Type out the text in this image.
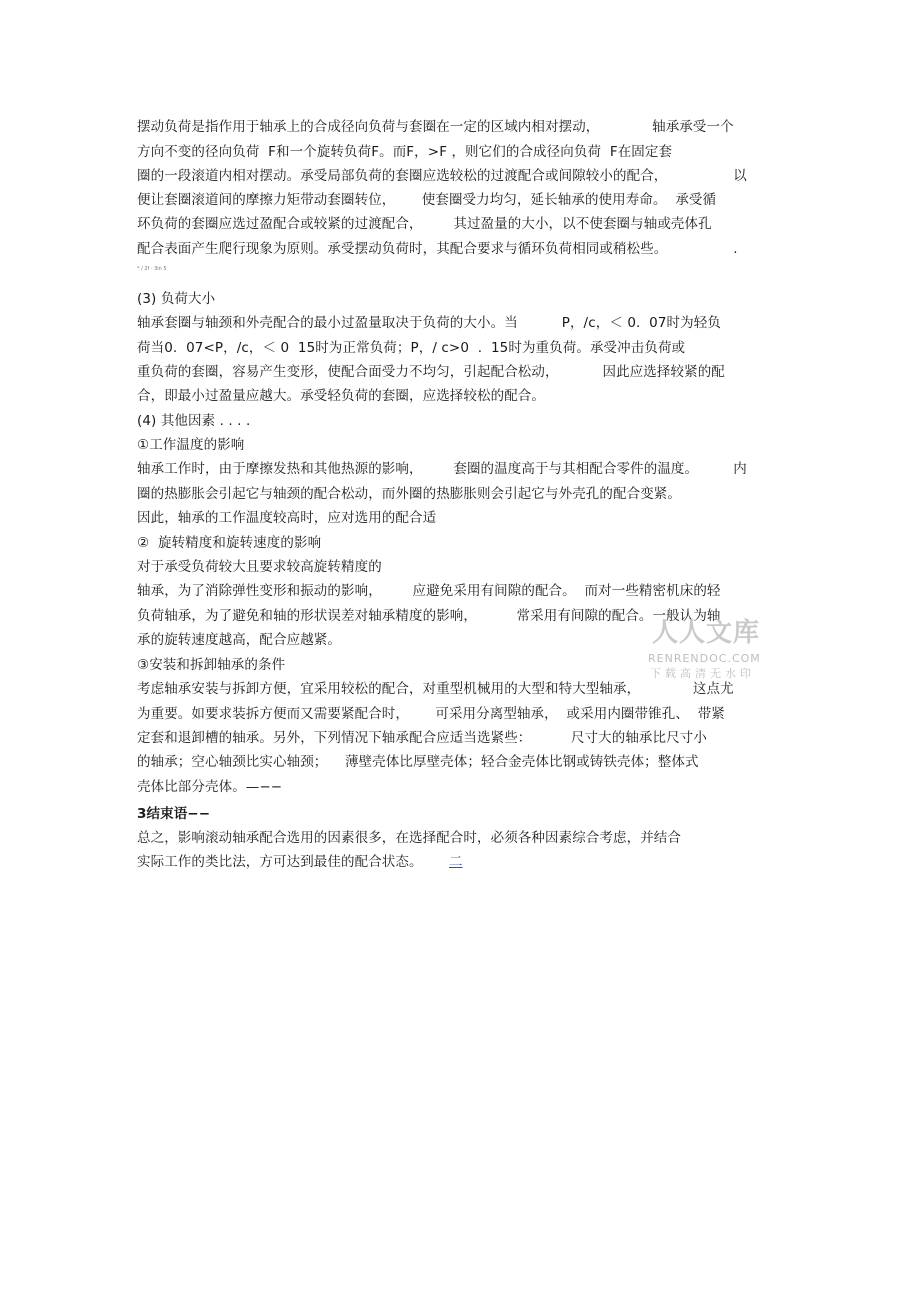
摆动负荷是指作用于轴承上的合成径向负荷与套圈在一定的区域内相对摆动，            轴承承受一个
方向不变的径向负荷  F和一个旋转负荷F。而F，>F ，则它们的合成径向负荷  F在固定套
圈的一段滚道内相对摆动。承受局部负荷的套圈应选较松的过渡配合或间隙较小的配合，               以
便让套圈滚道间的摩擦力矩带动套圈转位，      使套圈受力均匀，延长轴承的使用寿命。  承受循
环负荷的套圈应选过盈配合或较紧的过渡配合，       其过盈量的大小，以不使套圈与轴或壳体孔
配合表面产生爬行现象为原则。承受摆动负荷时，其配合要求与循环负荷相同或稍松些。               .
* / 2f · 3in 5
(3) 负荷大小
轴承套圈与轴颈和外壳配合的最小过盈量取决于负荷的大小。当          P，/c，＜ 0.  07时为轻负
荷当0.  07<P，/c，＜ 0  15时为正常负荷；P，/ c>0  .  15时为重负荷。承受冲击负荷或
重负荷的套圈，容易产生变形，使配合面受力不均匀，引起配合松动，          因此应选择较紧的配
合，即最小过盈量应越大。承受轻负荷的套圈，应选择较松的配合。
(4) 其他因素 . . . .
①工作温度的影响
轴承工作时，由于摩擦发热和其他热源的影响，       套圈的温度高于与其相配合零件的温度。        内
圈的热膨胀会引起它与轴颈的配合松动，而外圈的热膨胀则会引起它与外壳孔的配合变紧。
因此，轴承的工作温度较高时，应对选用的配合适
②  旋转精度和旋转速度的影响
对于承受负荷较大且要求较高旋转精度的
轴承，为了消除弹性变形和振动的影响，       应避免采用有间隙的配合。  而对一些精密机床的轻
负荷轴承，为了避免和轴的形状误差对轴承精度的影响，         常采用有间隙的配合。一般认为轴
承的旋转速度越高，配合应越紧。
③安装和拆卸轴承的条件
考虑轴承安装与拆卸方便，宜采用较松的配合，对重型机械用的大型和特大型轴承，            这点尤
为重要。如要求装拆方便而又需要紧配合时，      可采用分离型轴承，  或采用内圈带锥孔、  带紧
定套和退卸槽的轴承。另外，下列情况下轴承配合应适当选紧些：         尺寸大的轴承比尺寸小
的轴承；空心轴颈比实心轴颈；    薄壁壳体比厚壁壳体；轻合金壳体比钢或铸铁壳体；整体式
壳体比部分壳体。—−−
3结束语−−
总之，影响滚动轴承配合选用的因素很多，在选择配合时，必须各种因素综合考虑，并结合
实际工作的类比法，方可达到最佳的配合状态。      二
人人文库
RENRENDOC.COM
下载高清无水印
